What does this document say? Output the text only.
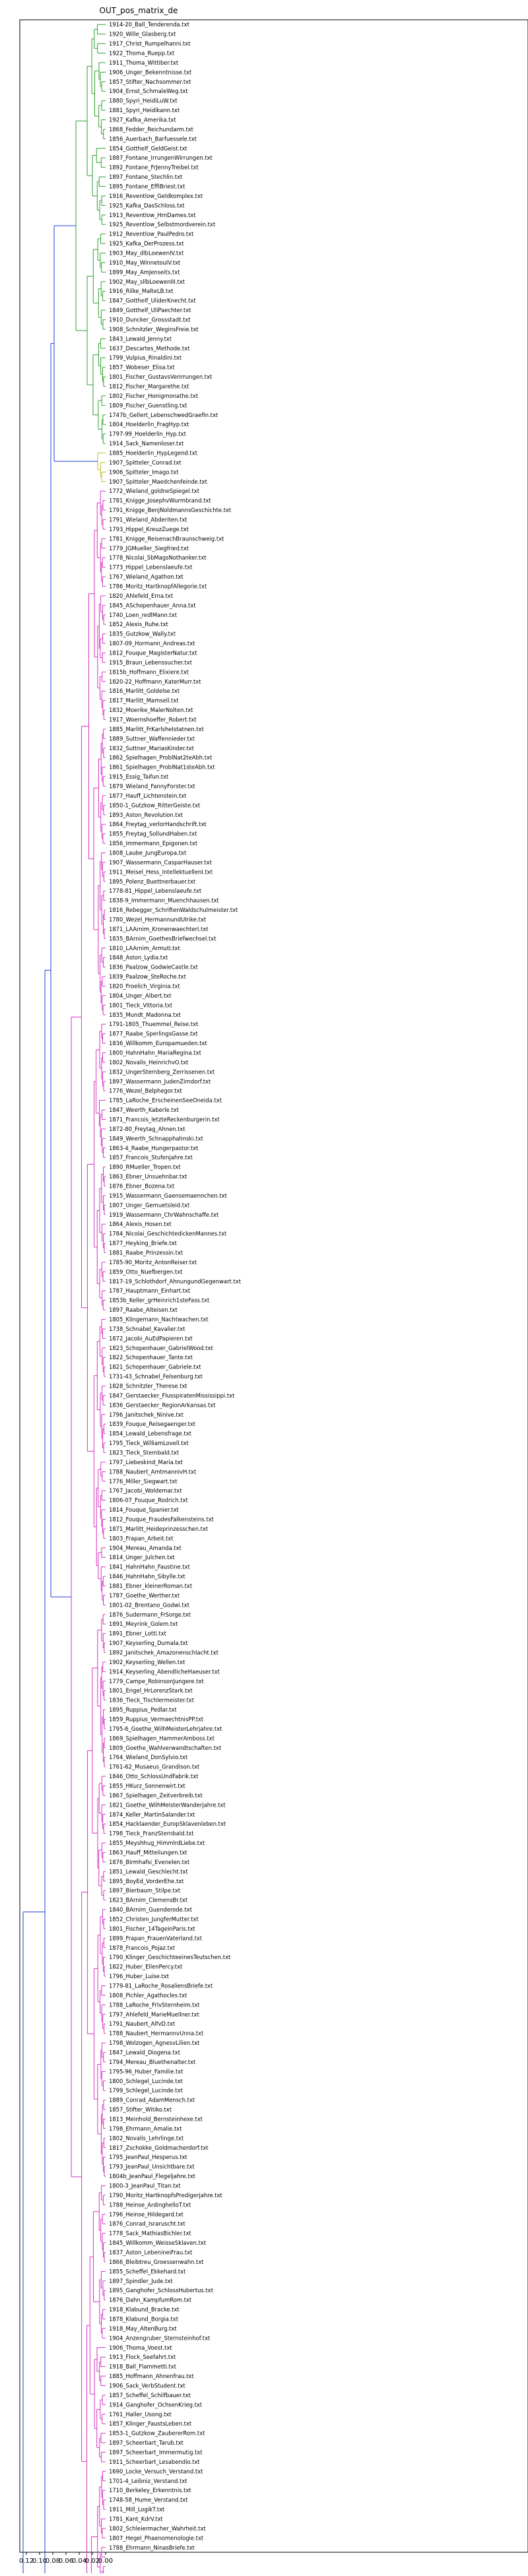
OUT_pos_matrix_de
1914-20_Ball_Tenderenda.txt
1920_Wille_Glasberg.txt
1917_Christ_Rumpelhanni.txt
1922_Thoma_Ruepp.txt
1911_Thoma_Wittiber.txt
1906_Unger_Bekenntnisse.txt
1857_Stifter_Nachsommer.txt
1904_Ernst_SchmaleWeg.txt
1880_Spyri_HeidiLuW.txt
1881_Spyri_Heidikann.txt
1927_Kafka_Amerika.txt
1868_Fedder_Reichundarm.txt
1856_Auerbach_Barfuessele.txt
1854_Gotthelf_GeldGeist.txt
1887_Fontane_IrrungenWirrungen.txt
1892_Fontane_FrJennyTreibel.txt
1897_Fontane_Stechlin.txt
1895_Fontane_EffiBriest.txt
1916_Reventlow_Geldkomplex.txt
1925_Kafka_DasSchloss.txt
1913_Reventlow_HrnDames.txt
1925_Reventlow_Selbstmordverein.txt
1912_Reventlow_PaulPedro.txt
1925_Kafka_DerProzess.txt
1903_May_dlbLoewenIV.txt
1910_May_WinnetouIV.txt
1899_May_AmJenseits.txt
1902_May_sllbLoewenIII.txt
1916_Rilke_MalteLB.txt
1847_Gotthelf_UliderKnecht.txt
1849_Gotthelf_UliPaechter.txt
1910_Duncker_Grossstadt.txt
1908_Schnitzler_WeginsFreie.txt
1843_Lewald_Jenny.txt
1637_Descartes_Methode.txt
1799_Vulpius_Rinaldini.txt
1857_Wobeser_Elisa.txt
1801_Fischer_GustavsVerirrungen.txt
1812_Fischer_Margarethe.txt
1802_Fischer_Honigmonathe.txt
1809_Fischer_Guenstling.txt
1747b_Gellert_LebenschwedGraefin.txt
1804_Hoelderlin_FragHyp.txt
1797-99_Hoelderlin_Hyp.txt
1914_Sack_Namenloser.txt
1885_Hoelderlin_HypLegend.txt
1907_Spitteler_Conrad.txt
1906_Spitteler_Imago.txt
1907_Spitteler_Maedchenfeinde.txt
1772_Wieland_goldneSpiegel.txt
1781_Knigge_JosephvWurmbrand.txt
1791_Knigge_BenjNoldmannsGeschichte.txt
1791_Wieland_Abderiten.txt
1793_Hippel_KreuzZuege.txt
1781_Knigge_ReisenachBraunschweig.txt
1779_JGMueller_Siegfried.txt
1778_Nicolai_SbMagsNothanker.txt
1773_Hippel_Lebenslaeufe.txt
1767_Wieland_Agathon.txt
1786_Moritz_HartknopfAllegorie.txt
1820_Ahlefeld_Erna.txt
1845_ASchopenhauer_Anna.txt
1740_Loen_redlMann.txt
1852_Alexis_Ruhe.txt
1835_Gutzkow_Wally.txt
1807-09_Hormann_Andreas.txt
1812_Fouque_MagisterNatur.txt
1915_Braun_Lebenssucher.txt
1815b_Hoffmann_Elixiere.txt
1820-22_Hoffmann_KaterMurr.txt
1816_Marlitt_Goldelse.txt
1817_Marlitt_Mamsell.txt
1832_Moerike_MalerNolten.txt
1917_Woernshoeffer_Robert.txt
1885_Marlitt_FrKarlsheIstatnen.txt
1889_Suttner_Waffennieder.txt
1832_Suttner_MariasKinder.txt
1862_Spielhagen_ProblNat2teAbh.txt
1861_Spielhagen_ProblNat1steAbh.txt
1915_Essig_Taifun.txt
1879_Wieland_FannyForster.txt
1877_Hauff_Lichtenstein.txt
1850-1_Gutzkow_RitterGeiste.txt
1893_Aston_Revolution.txt
1864_Freytag_verlorHandschrift.txt
1855_Freytag_SollundHaben.txt
1856_Immermann_Epigonen.txt
1808_Laube_JungEuropa.txt
1907_Wassermann_CasparHauser.txt
1911_Meisel_Hess_IntellektuellenI.txt
1895_Polenz_Buettnerbauer.txt
1778-81_Hippel_Lebenslaeufe.txt
1838-9_Immermann_Muenchhausen.txt
1816_Rebegger_SchriftenWaldschulmeister.txt
1780_Wezel_HermannundUlrike.txt
1871_LAArnim_KronenwaechterI.txt
1835_BArnim_GoethesBriefwechsel.txt
1810_LAArnim_ArmutI.txt
1848_Aston_Lydia.txt
1836_Paalzow_GodwieCastle.txt
1839_Paalzow_SteRoche.txt
1820_Froelich_Virginia.txt
1804_Unger_Albert.txt
1801_Tieck_Vittoria.txt
1835_Mundt_Madonna.txt
1791-1805_Thuemmel_Reise.txt
1877_Raabe_SperlingsGasse.txt
1836_Willkomm_Europamueden.txt
1800_HahnHahn_MariaRegina.txt
1802_Novalis_HeinrichvO.txt
1832_UngerSternberg_Zerrissenen.txt
1897_Wassermann_JudenZirndorf.txt
1776_Wezel_Belphegor.txt
1785_LaRoche_ErscheinenSeeOneida.txt
1847_Weerth_Kaberle.txt
1871_Francois_letzteReckenburgerin.txt
1872-80_Freytag_Ahnen.txt
1849_Weerth_Schnapphahnski.txt
1863-4_Raabe_Hungerpastor.txt
1857_Francois_Stufenjahre.txt
1890_RMueller_Tropen.txt
1863_Ebner_Unsuehnbar.txt
1876_Ebner_Bozena.txt
1915_Wassermann_Gaensemaennchen.txt
1807_Unger_Gemuetsleid.txt
1919_Wassermann_ChrWahnschaffe.txt
1864_Alexis_Hosen.txt
1784_Nicolai_GeschichtedickenMannes.txt
1877_Heyking_Briefe.txt
1881_Raabe_Prinzessin.txt
1785-90_Moritz_AntonReiser.txt
1859_Otto_Nuefbergen.txt
1817-19_Schlothdorf_AhnungundGegenwart.txt
1787_Hauptmann_Einhart.txt
1853b_Keller_grHeinrich1steFass.txt
1897_Raabe_Alteisen.txt
1805_Klingemann_Nachtwachen.txt
1738_Schnabel_Kavalier.txt
1872_Jacobi_AuEdPapieren.txt
1823_Schopenhauer_GabrielWood.txt
1822_Schopenhauer_Tante.txt
1821_Schopenhauer_Gabriele.txt
1731-43_Schnabel_Felsenburg.txt
1828_Schnitzler_Therese.txt
1847_Gerstaecker_FlusspiratenMississippi.txt
1836_Gerstaecker_RegionArkansas.txt
1796_Janitschek_Ninive.txt
1839_Fouque_Reisegaenger.txt
1854_Lewald_Lebensfrage.txt
1795_Tieck_WilliamLovell.txt
1823_Tieck_Sternbald.txt
1797_Liebeskind_Maria.txt
1788_Naubert_AmtmannivH.txt
1776_Miller_Siegwart.txt
1767_Jacobi_Woldemar.txt
1806-07_Fouque_Rodrich.txt
1814_Fouque_Spanier.txt
1812_Fouque_FraudesFalkensteins.txt
1871_Marlitt_Heideprinzesschen.txt
1803_Frapan_Arbeit.txt
1904_Mereau_Amanda.txt
1814_Unger_Julchen.txt
1841_HahnHahn_Faustine.txt
1846_HahnHahn_Sibylle.txt
1881_Ebner_kleinerRoman.txt
1787_Goethe_Werther.txt
1801-02_Brentano_Godwi.txt
1876_Sudermann_FrSorge.txt
1891_Meyrink_Golem.txt
1891_Ebner_Lotti.txt
1907_Keyserling_Dumala.txt
1892_Janitschek_Amazonenschlacht.txt
1902_Keyserling_Wellen.txt
1914_Keyserling_AbendlicheHaeuser.txt
1779_Campe_RobinsonJungere.txt
1801_Engel_HrLorenzStark.txt
1836_Tieck_Tischlermeister.txt
1895_Ruppius_Pedlar.txt
1859_Ruppius_VermaechtnisPP.txt
1795-6_Goethe_WilhMeisterLehrjahre.txt
1869_Spielhagen_HammerAmboss.txt
1809_Goethe_Wahlverwandtschaften.txt
1764_Wieland_DonSylvio.txt
1761-62_Musaeus_Grandison.txt
1846_Otto_SchlossUndFabrik.txt
1855_HKurz_Sonnenwirt.txt
1867_Spielhagen_Zeitverbreib.txt
1821_Goethe_WilhMeisterWanderjahre.txt
1874_Keller_MartinSalander.txt
1854_Hacklaender_EuropSklavenleben.txt
1798_Tieck_FranzSternbald.txt
1855_Meyshhug_HimmlrdLiebe.txt
1863_Hauff_Mitteilungen.txt
1876_Birmhafsi_Evenelen.txt
1851_Lewald_Geschlecht.txt
1895_BoyEd_VorderEhe.txt
1897_Bierbaum_Stilpe.txt
1823_BArnim_ClemensBr.txt
1840_BArnim_Guenderode.txt
1852_Christen_JungferMutter.txt
1801_Fischer_14TageinParis.txt
1899_Frapan_FrauenVaterland.txt
1878_Francois_Pojaz.txt
1790_Klinger_GeschichteeinesTeutschen.txt
1822_Huber_EllenPercy.txt
1796_Huber_Luise.txt
1779-81_LaRoche_RosaliensBriefe.txt
1808_Pichler_Agathocles.txt
1788_LaRoche_FrlvSternheim.txt
1797_Ahlefeld_MarieMuellner.txt
1791_Naubert_AlfvD.txt
1788_Naubert_HermannvUnna.txt
1798_Wolzogen_AgnesvLilien.txt
1847_Lewald_Diogena.txt
1794_Mereau_Bluethenalter.txt
1795-96_Huber_Familie.txt
1800_Schlegel_Lucinde.txt
1799_Schlegel_Lucinde.txt
1889_Conrad_AdamMensch.txt
1857_Stifter_Witiko.txt
1813_Meinhold_Bernsteinhexe.txt
1798_Ehrmann_Amalie.txt
1802_Novalis_Lehrlinge.txt
1817_Zschokke_Goldmacherdorf.txt
1795_JeanPaul_Hesperus.txt
1793_JeanPaul_Unsichtbare.txt
1804b_JeanPaul_Flegeljahre.txt
1800-3_JeanPaul_Titan.txt
1790_Moritz_HartknopfsPredigerjahre.txt
1788_Heinse_ArdinghelloT.txt
1796_Heinse_Hildegard.txt
1876_Conrad_Israruscht.txt
1778_Sack_MathiasBichler.txt
1845_Willkomm_WeisseSklaven.txt
1837_Aston_LebenineiFrau.txt
1866_Bleibtreu_Groessenwahn.txt
1855_Scheffel_Ekkehard.txt
1897_Spindler_Jude.txt
1895_Ganghofer_SchlossHubertus.txt
1876_Dahn_KampfumRom.txt
1918_Klabund_Bracke.txt
1878_Klabund_Borgia.txt
1918_May_AltenBurg.txt
1904_Anzengruber_Sternsteinhof.txt
1906_Thoma_Voest.txt
1913_Flock_Seefahrt.txt
1918_Ball_Flammetti.txt
1885_Hoffmann_Ahnenfrau.txt
1906_Sack_VerbStudent.txt
1857_Scheffel_Schilfbauer.txt
1914_Ganghofer_OchsenKrieg.txt
1761_Haller_Usong.txt
1857_Klinger_FaustsLeben.txt
1853-1_Gutzkow_ZaubererRom.txt
1897_Scheerbart_Tarub.txt
1897_Scheerbart_Immermutig.txt
1911_Scheerbart_Lesabendio.txt
1690_Locke_Versuch_Verstand.txt
1701-4_Leibniz_Verstand.txt
1710_Berkeley_Erkenntnis.txt
1748-58_Hume_Verstand.txt
1911_Mill_LogikT.txt
1781_Kant_KdrV.txt
1802_Schleiermacher_Wahrheit.txt
1807_Hegel_Phaenomenologie.txt
1788_Ehrmann_NinasBriefe.txt
0.12
0.10
0.08
0.06
0.04
0.02
0.00
